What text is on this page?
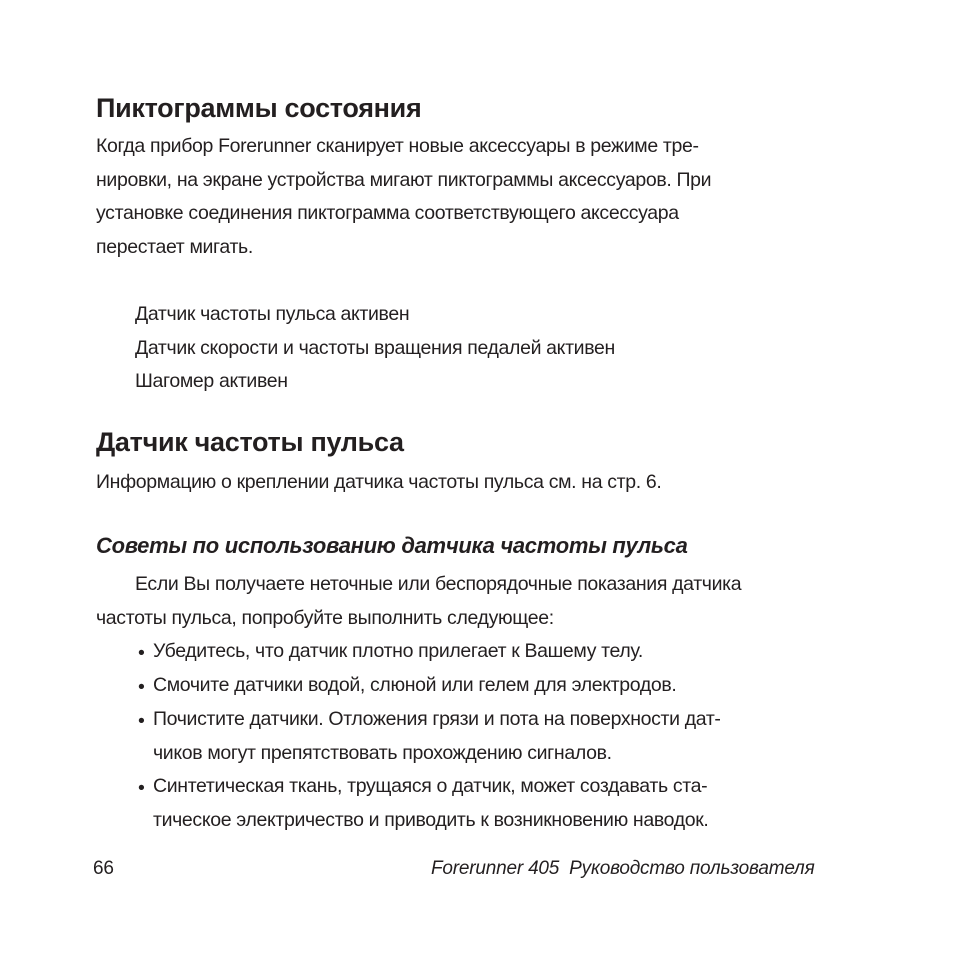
Пиктограммы состояния
Когда прибор Forerunner сканирует новые аксессуары в режиме тре-
нировки, на экране устройства мигают пиктограммы аксессуаров. При
установке соединения пиктограмма соответствующего аксессуара
перестает мигать.
Датчик частоты пульса активен
Датчик скорости и частоты вращения педалей активен
Шагомер активен
Датчик частоты пульса
Информацию о креплении датчика частоты пульса см. на стр. 6.
Советы по использованию датчика частоты пульса
Если Вы получаете неточные или беспорядочные показания датчика
частоты пульса, попробуйте выполнить следующее:
• Убедитесь, что датчик плотно прилегает к Вашему телу.
• Смочите датчики водой, слюной или гелем для электродов.
• Почистите датчики. Отложения грязи и пота на поверхности дат-
чиков могут препятствовать прохождению сигналов.
• Синтетическая ткань, трущаяся о датчик, может создавать ста-
тическое электричество и приводить к возникновению наводок.
66	Forerunner 405 Руководство пользователя
